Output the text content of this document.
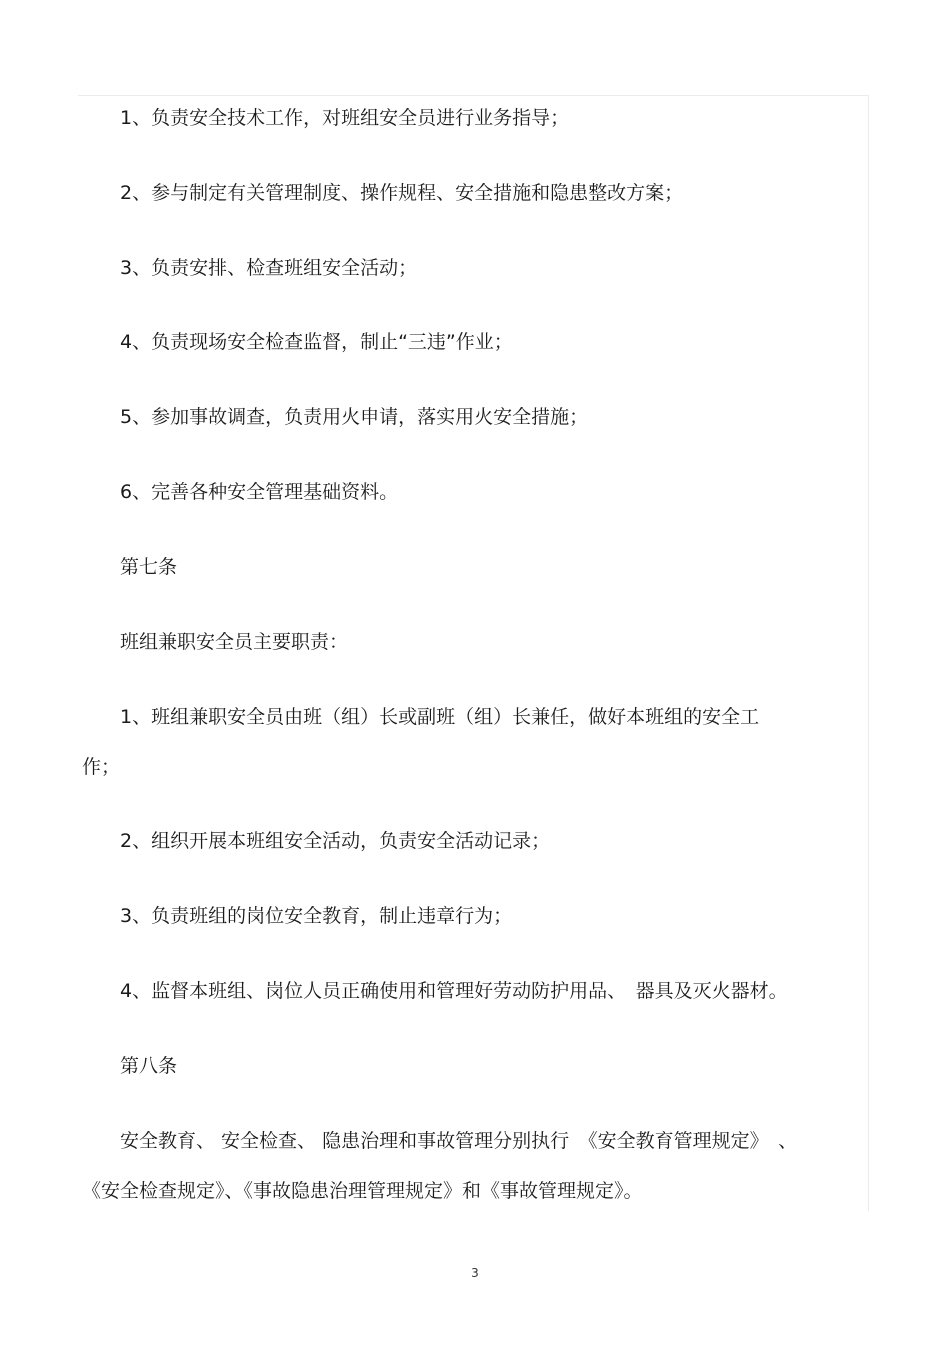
1、负责安全技术工作，对班组安全员进行业务指导；
2、参与制定有关管理制度、操作规程、安全措施和隐患整改方案；
3、负责安排、检查班组安全活动；
4、负责现场安全检查监督，制止“三违”作业；
5、参加事故调查，负责用火申请，落实用火安全措施；
6、完善各种安全管理基础资料。
第七条
班组兼职安全员主要职责：
1、班组兼职安全员由班（组）长或副班（组）长兼任，做好本班组的安全工
作；
2、组织开展本班组安全活动，负责安全活动记录；
3、负责班组的岗位安全教育，制止违章行为；
4、监督本班组、岗位人员正确使用和管理好劳动防护用品、　器具及灭火器材。
第八条
安全教育、 安全检查、 隐患治理和事故管理分别执行　《安全教育管理规定》　、
《安全检查规定》、《事故隐患治理管理规定》和《事故管理规定》。
3
